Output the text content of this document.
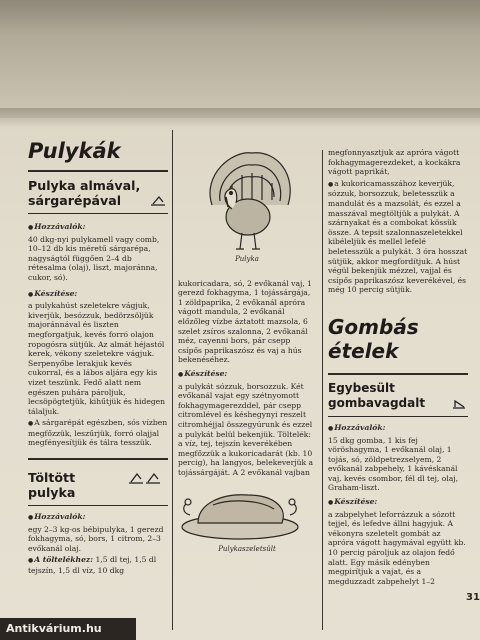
Pulykák
Pulyka almával,
sárgarépával

● Hozzávalók:

40 dkg-nyi pulykamell vagy comb, 10–12 db kis méretű sárgarépa, nagyságtól függően 2–4 db rétesalma (olaj), liszt, majoránna, cukor, só).

● Készítése:

a pulykahúst szeletekre vágjuk, kiverjük, besózzuk, bedörzsöljük majoránnával és liszten megforgatjuk, kevés forró olajon ropogósra sütjük. Az almát héjastól kerek, vékony szeletekre vágjuk. Serpenyőbe lerakjuk kevés cukorral, és a lábos aljára egy kis vizet teszünk. Fedő alatt nem egészen puhára pároljuk, lecsöpögtetjük, kihűtjük és hidegen tálaljuk.

● A sárgarépát egészben, sós vízben megfőzzük, leszűrjük, forró olajjal megfényesítjük és tálra tesszük.

Töltött
pulyka

● Hozzávalók:

egy 2–3 kg-os bébipulyka, 1 gerezd fokhagyma, só, bors, 1 citrom, 2–3 evőkanál olaj.

● A töltelékhez: 1,5 dl tej, 1,5 dl tejszín, 1,5 dl víz, 10 dkg

Pulyka

kukoricadara, só, 2 evőkanál vaj, 1 gerezd fokhagyma, 1 tojássárgája, 1 zöldpaprika, 2 evőkanál apróra vágott mandula, 2 evőkanál előzőleg vízbe áztatott mazsola, 6 szelet zsíros szalonna, 2 evőkanál méz, cayenni bors, pár csepp csípős paprikaszósz és vaj a hús bekenéséhez.

● Készítése:

a pulykát sózzuk, borsozzuk. Két evőkanál vajat egy szétnyomott fokhagymagerezddel, pár csepp citromlével és késhegynyi reszelt citromhéjjal összegyúrunk és ezzel a pulykát belül bekenjük. Töltelék: a víz, tej, tejszín keverékében megfőzzük a kukoricadarát (kb. 10 percig), ha langyos, belekeverjük a tojássárgáját. A 2 evőkanál vajban

Pulykaszeletsült

megfonnyasztjuk az apróra vágott fokhagymagerezdeket, a kockákra vágott paprikát,

● a kukoricamasszához keverjük, sózzuk, borsozzuk, beletesszük a mandulát és a mazsolát, és ezzel a masszával megtöltjük a pulykát. A szárnyakat és a combokat kössük össze. A tepsit szalonnaszeletekkel kibéleljük és mellel lefelé beletesszük a pulykát. 3 óra hosszat sütjük, akkor megfordítjuk. A húst végül bekenjük mézzel, vajjal és csípős paprikaszósz keverékével, és még 10 percig sütjük.

Gombás
ételek
Egybesült
gombavagdalt

● Hozzávalók:

15 dkg gomba, 1 kis fej vöröshagyma, 1 evőkanál olaj, 1 tojás, só, zöldpetrezselyem, 2 evőkanál zabpehely, 1 kávéskanál vaj, kevés csombor, fél dl tej, olaj, Graham-liszt.

● Készítése:

a zabpelyhet leforrázzuk a sózott tejjel, és lefedve állni hagyjuk. A vékonyra szeletelt gombát az apróra vágott hagymával együtt kb. 10 percig pároljuk az olajon fedő alatt. Egy másik edényben megpirítjuk a vajat, és a megduzzadt zabpehelyt 1–2

31
Antikvárium.hu
